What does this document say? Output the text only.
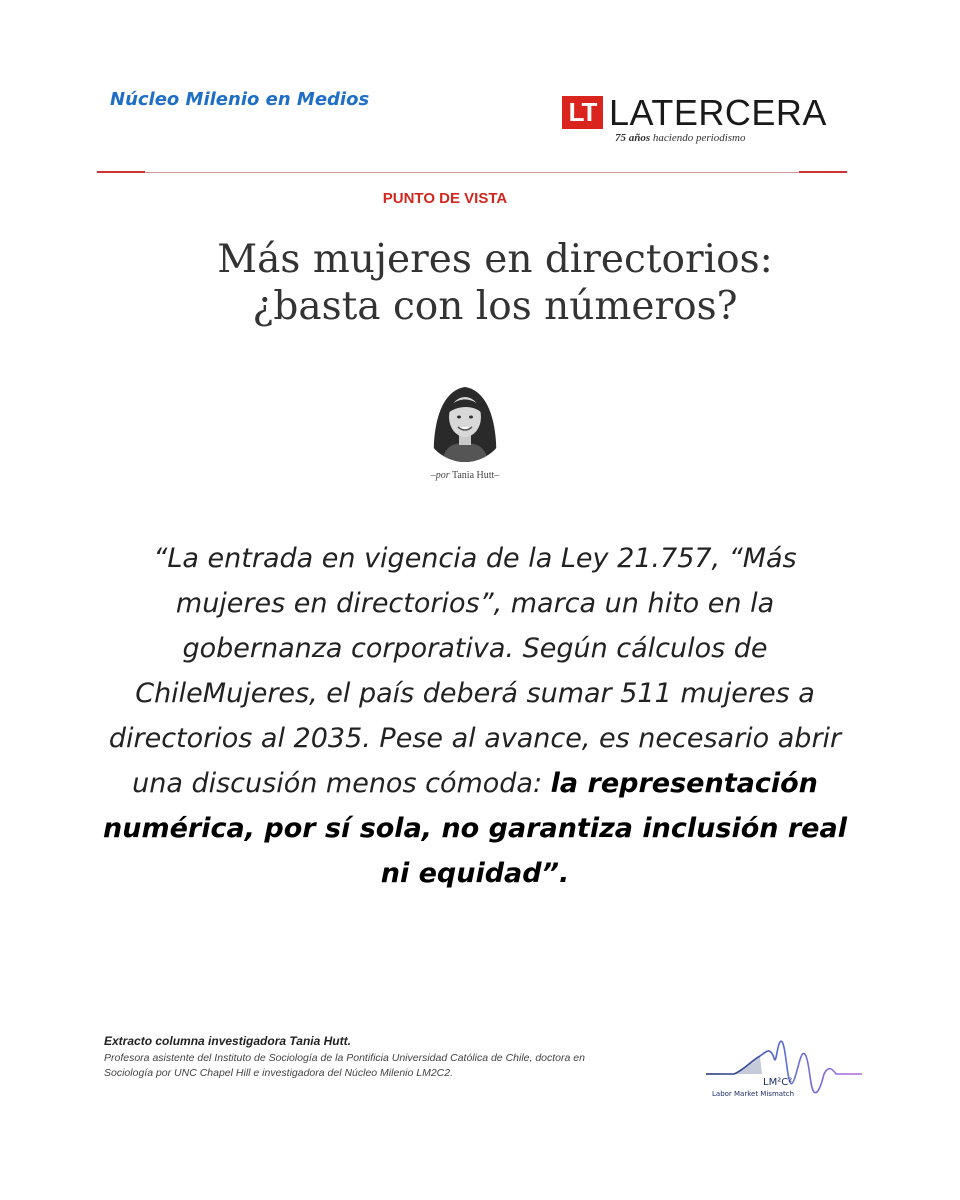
Núcleo Milenio en Medios	LT LATERCERA
75 años haciendo periodismo
PUNTO DE VISTA
Más mujeres en directorios:
¿basta con los números?
–por Tania Hutt–

“La entrada en vigencia de la Ley 21.757, “Más mujeres en directorios”, marca un hito en la gobernanza corporativa. Según cálculos de ChileMujeres, el país deberá sumar 511 mujeres a directorios al 2035. Pese al avance, es necesario abrir una discusión menos cómoda: la representación numérica, por sí sola, no garantiza inclusión real ni equidad”.

Extracto columna investigadora Tania Hutt.
Profesora asistente del Instituto de Sociología de la Pontificia Universidad Católica de Chile, doctora en Sociología por UNC Chapel Hill e investigadora del Núcleo Milenio LM2C2.
LM²C²
Labor Market Mismatch
